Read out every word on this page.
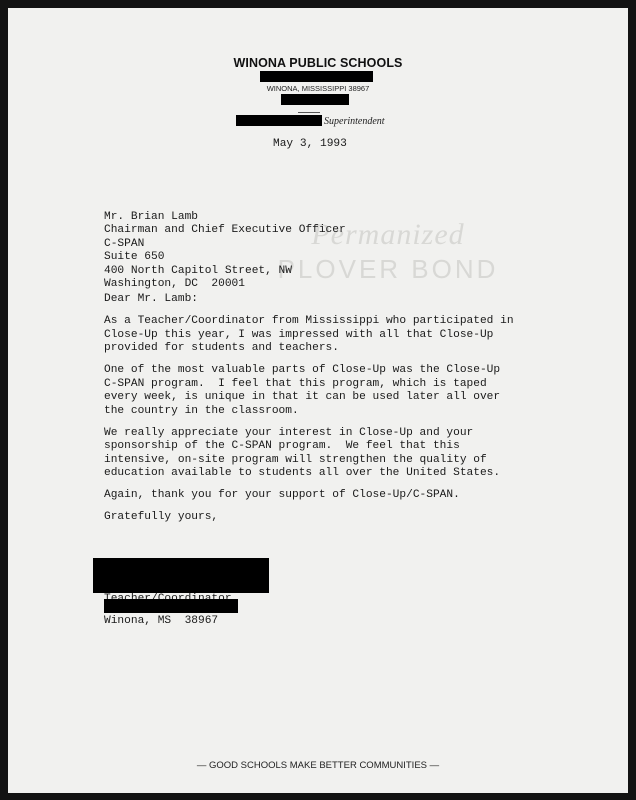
Permanized
PLOVER BOND
WINONA PUBLIC SCHOOLS
WINONA, MISSISSIPPI 38967
Superintendent
May 3, 1993
Mr. Brian Lamb
Chairman and Chief Executive Officer
C-SPAN
Suite 650
400 North Capitol Street, NW
Washington, DC  20001
Dear Mr. Lamb:
As a Teacher/Coordinator from Mississippi who participated in
Close-Up this year, I was impressed with all that Close-Up
provided for students and teachers.
One of the most valuable parts of Close-Up was the Close-Up
C-SPAN program.  I feel that this program, which is taped
every week, is unique in that it can be used later all over
the country in the classroom.
We really appreciate your interest in Close-Up and your
sponsorship of the C-SPAN program.  We feel that this
intensive, on-site program will strengthen the quality of
education available to students all over the United States.
Again, thank you for your support of Close-Up/C-SPAN.
Gratefully yours,
Winona, MS  38967
— GOOD SCHOOLS MAKE BETTER COMMUNITIES —
